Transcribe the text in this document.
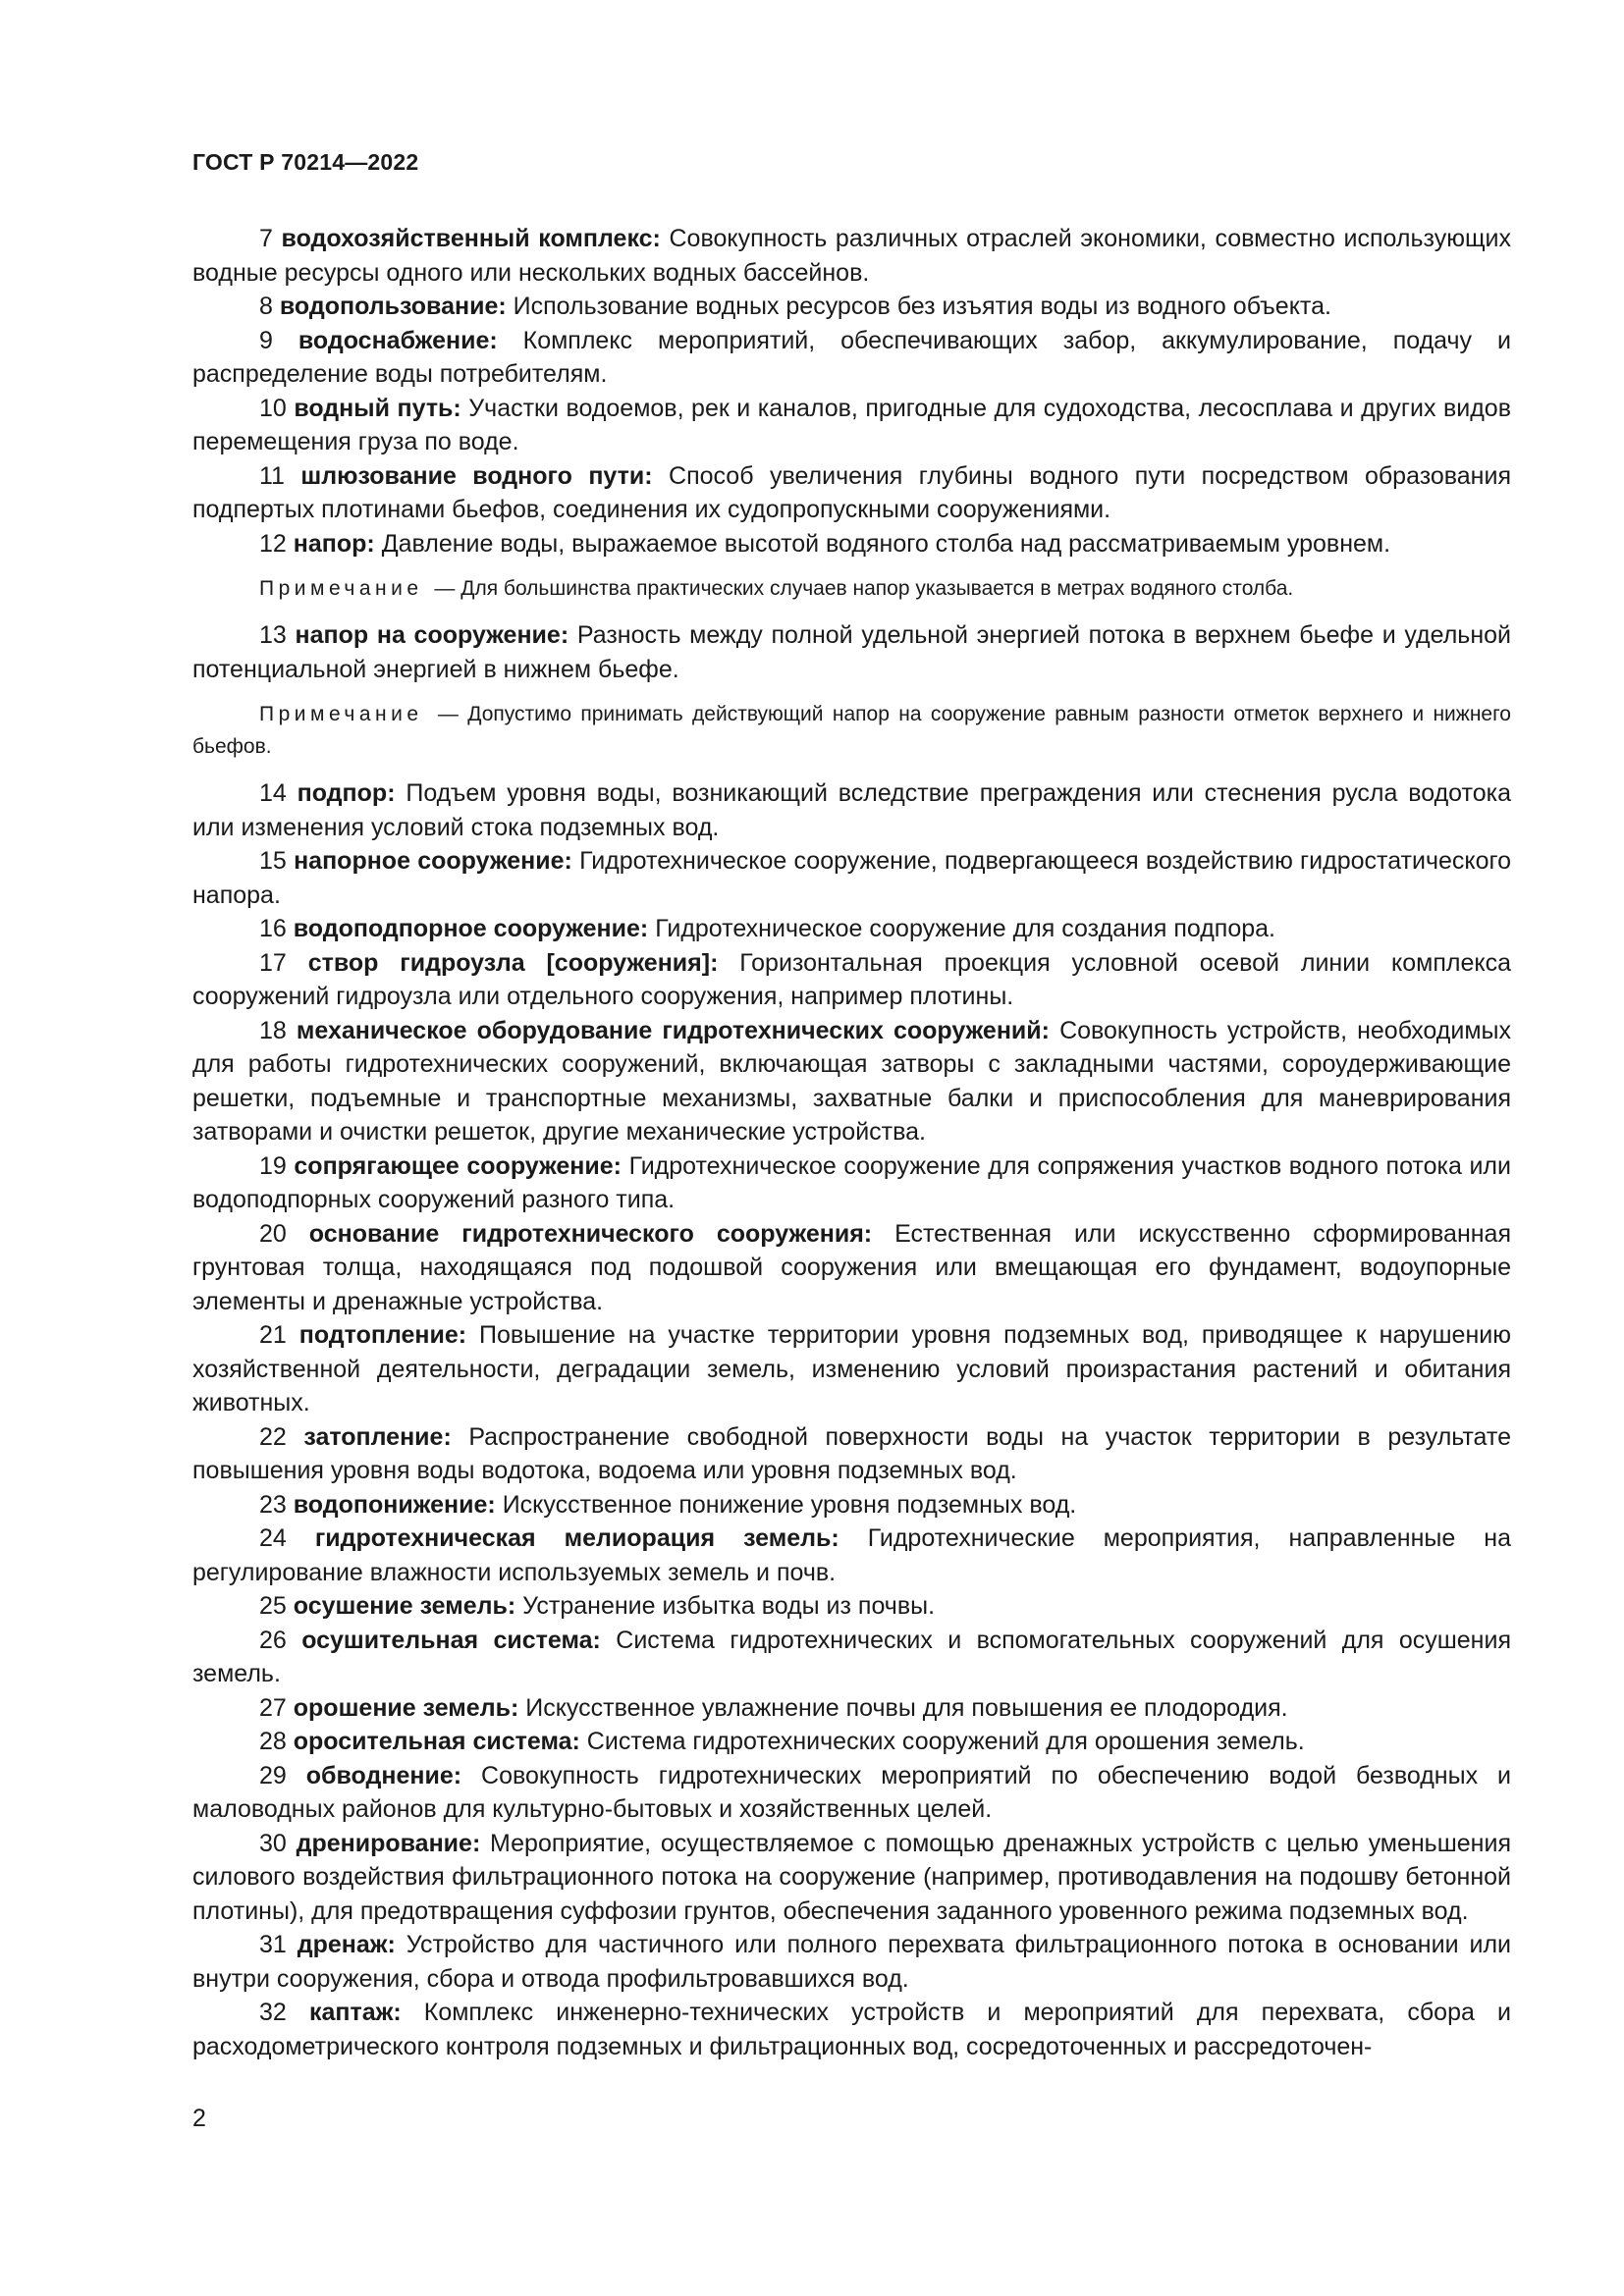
ГОСТ Р 70214—2022

7 водохозяйственный комплекс: Совокупность различных отраслей экономики, совместно использующих водные ресурсы одного или нескольких водных бассейнов.

8 водопользование: Использование водных ресурсов без изъятия воды из водного объекта.

9 водоснабжение: Комплекс мероприятий, обеспечивающих забор, аккумулирование, подачу и распределение воды потребителям.

10 водный путь: Участки водоемов, рек и каналов, пригодные для судоходства, лесосплава и других видов перемещения груза по воде.

11 шлюзование водного пути: Способ увеличения глубины водного пути посредством образования подпертых плотинами бьефов, соединения их судопропускными сооружениями.

12 напор: Давление воды, выражаемое высотой водяного столба над рассматриваемым уровнем.

Примечание — Для большинства практических случаев напор указывается в метрах водяного столба.

13 напор на сооружение: Разность между полной удельной энергией потока в верхнем бьефе и удельной потенциальной энергией в нижнем бьефе.

Примечание — Допустимо принимать действующий напор на сооружение равным разности отметок верхнего и нижнего бьефов.

14 подпор: Подъем уровня воды, возникающий вследствие преграждения или стеснения русла водотока или изменения условий стока подземных вод.

15 напорное сооружение: Гидротехническое сооружение, подвергающееся воздействию гидростатического напора.

16 водоподпорное сооружение: Гидротехническое сооружение для создания подпора.

17 створ гидроузла [сооружения]: Горизонтальная проекция условной осевой линии комплекса сооружений гидроузла или отдельного сооружения, например плотины.

18 механическое оборудование гидротехнических сооружений: Совокупность устройств, необходимых для работы гидротехнических сооружений, включающая затворы с закладными частями, сороудерживающие решетки, подъемные и транспортные механизмы, захватные балки и приспособления для маневрирования затворами и очистки решеток, другие механические устройства.

19 сопрягающее сооружение: Гидротехническое сооружение для сопряжения участков водного потока или водоподпорных сооружений разного типа.

20 основание гидротехнического сооружения: Естественная или искусственно сформированная грунтовая толща, находящаяся под подошвой сооружения или вмещающая его фундамент, водоупорные элементы и дренажные устройства.

21 подтопление: Повышение на участке территории уровня подземных вод, приводящее к нарушению хозяйственной деятельности, деградации земель, изменению условий произрастания растений и обитания животных.

22 затопление: Распространение свободной поверхности воды на участок территории в результате повышения уровня воды водотока, водоема или уровня подземных вод.

23 водопонижение: Искусственное понижение уровня подземных вод.

24 гидротехническая мелиорация земель: Гидротехнические мероприятия, направленные на регулирование влажности используемых земель и почв.

25 осушение земель: Устранение избытка воды из почвы.

26 осушительная система: Система гидротехнических и вспомогательных сооружений для осушения земель.

27 орошение земель: Искусственное увлажнение почвы для повышения ее плодородия.

28 оросительная система: Система гидротехнических сооружений для орошения земель.

29 обводнение: Совокупность гидротехнических мероприятий по обеспечению водой безводных и маловодных районов для культурно-бытовых и хозяйственных целей.

30 дренирование: Мероприятие, осуществляемое с помощью дренажных устройств с целью уменьшения силового воздействия фильтрационного потока на сооружение (например, противодавления на подошву бетонной плотины), для предотвращения суффозии грунтов, обеспечения заданного уровенного режима подземных вод.

31 дренаж: Устройство для частичного или полного перехвата фильтрационного потока в основании или внутри сооружения, сбора и отвода профильтровавшихся вод.

32 каптаж: Комплекс инженерно-технических устройств и мероприятий для перехвата, сбора и расходометрического контроля подземных и фильтрационных вод, сосредоточенных и рассредоточен-

2
